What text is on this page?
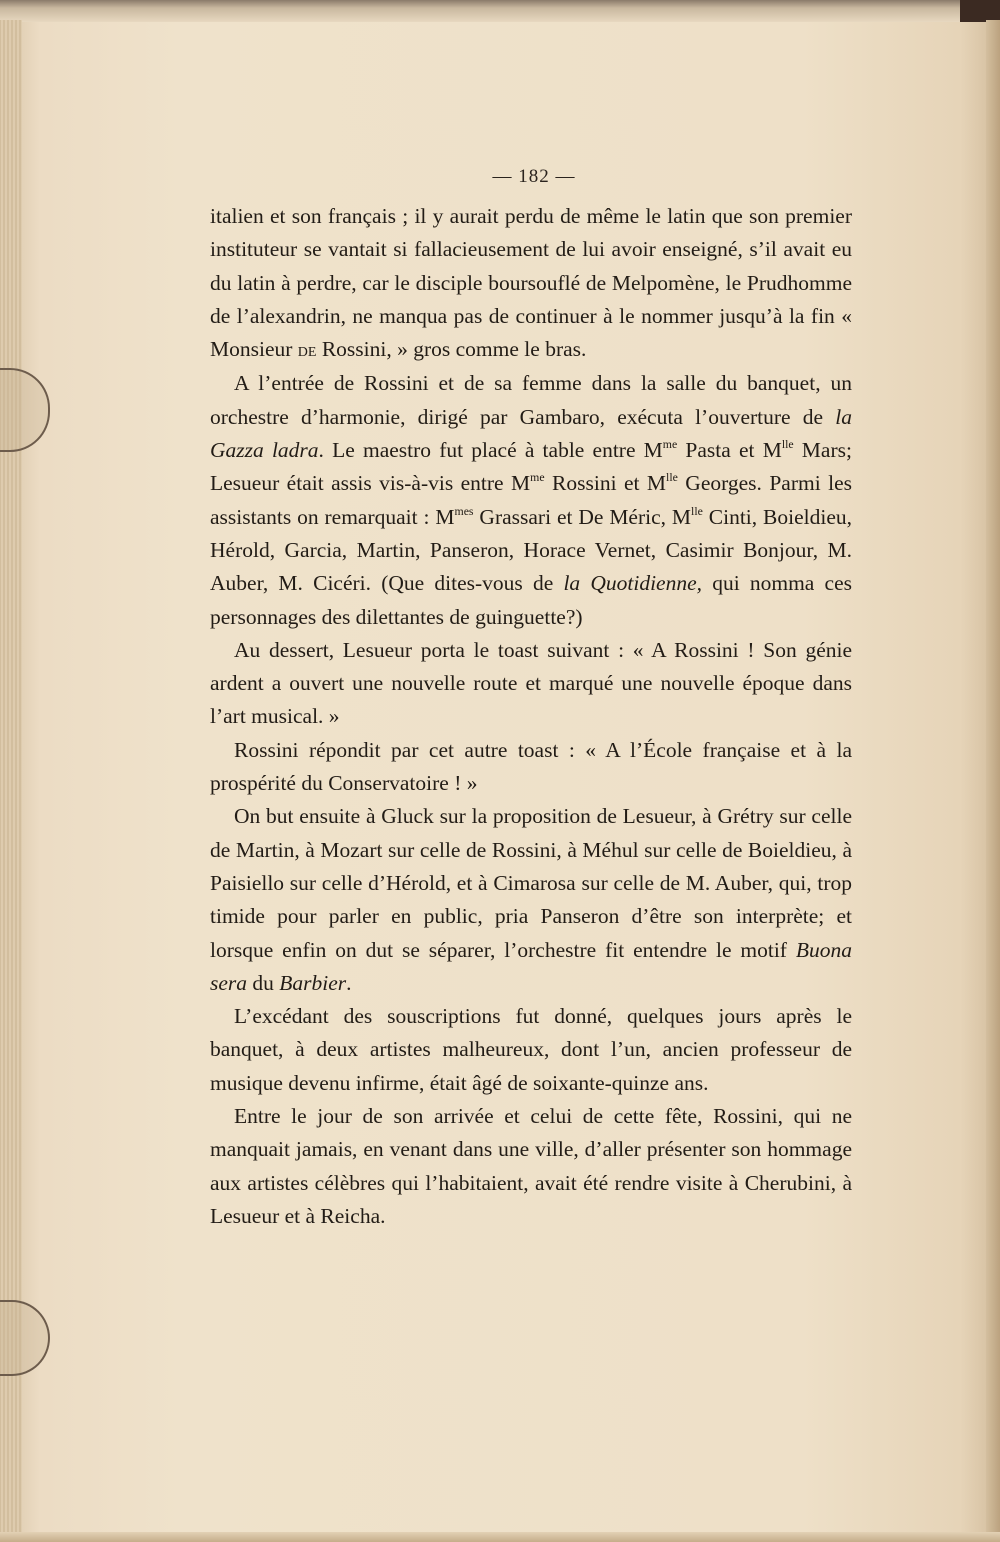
— 182 —

italien et son français ; il y aurait perdu de même le latin que son premier instituteur se vantait si fallacieusement de lui avoir enseigné, s’il avait eu du latin à perdre, car le disciple boursouflé de Melpomène, le Prudhomme de l’alexandrin, ne manqua pas de continuer à le nommer jusqu’à la fin « Monsieur de Rossini, » gros comme le bras.

A l’entrée de Rossini et de sa femme dans la salle du banquet, un orchestre d’harmonie, dirigé par Gambaro, exécuta l’ouverture de la Gazza ladra. Le maestro fut placé à table entre $M^{me}$ Pasta et $M^{lle}$ Mars; Lesueur était assis vis-à-vis entre $M^{me}$ Rossini et $M^{lle}$ Georges. Parmi les assistants on remarquait : $M^{mes}$ Grassari et De Méric, $M^{lle}$ Cinti, Boieldieu, Hérold, Garcia, Martin, Panseron, Horace Vernet, Casimir Bonjour, M. Auber, M. Cicéri. (Que dites-vous de la Quotidienne, qui nomma ces personnages des dilettantes de guinguette?)

Au dessert, Lesueur porta le toast suivant : « A Rossini ! Son génie ardent a ouvert une nouvelle route et marqué une nouvelle époque dans l’art musical. »

Rossini répondit par cet autre toast : « A l’École française et à la prospérité du Conservatoire ! »

On but ensuite à Gluck sur la proposition de Lesueur, à Grétry sur celle de Martin, à Mozart sur celle de Rossini, à Méhul sur celle de Boieldieu, à Paisiello sur celle d’Hérold, et à Cimarosa sur celle de M. Auber, qui, trop timide pour parler en public, pria Panseron d’être son interprète; et lorsque enfin on dut se séparer, l’orchestre fit entendre le motif Buona sera du Barbier.

L’excédant des souscriptions fut donné, quelques jours après le banquet, à deux artistes malheureux, dont l’un, ancien professeur de musique devenu infirme, était âgé de soixante-quinze ans.

Entre le jour de son arrivée et celui de cette fête, Rossini, qui ne manquait jamais, en venant dans une ville, d’aller présenter son hommage aux artistes célèbres qui l’habitaient, avait été rendre visite à Cherubini, à Lesueur et à Reicha.
